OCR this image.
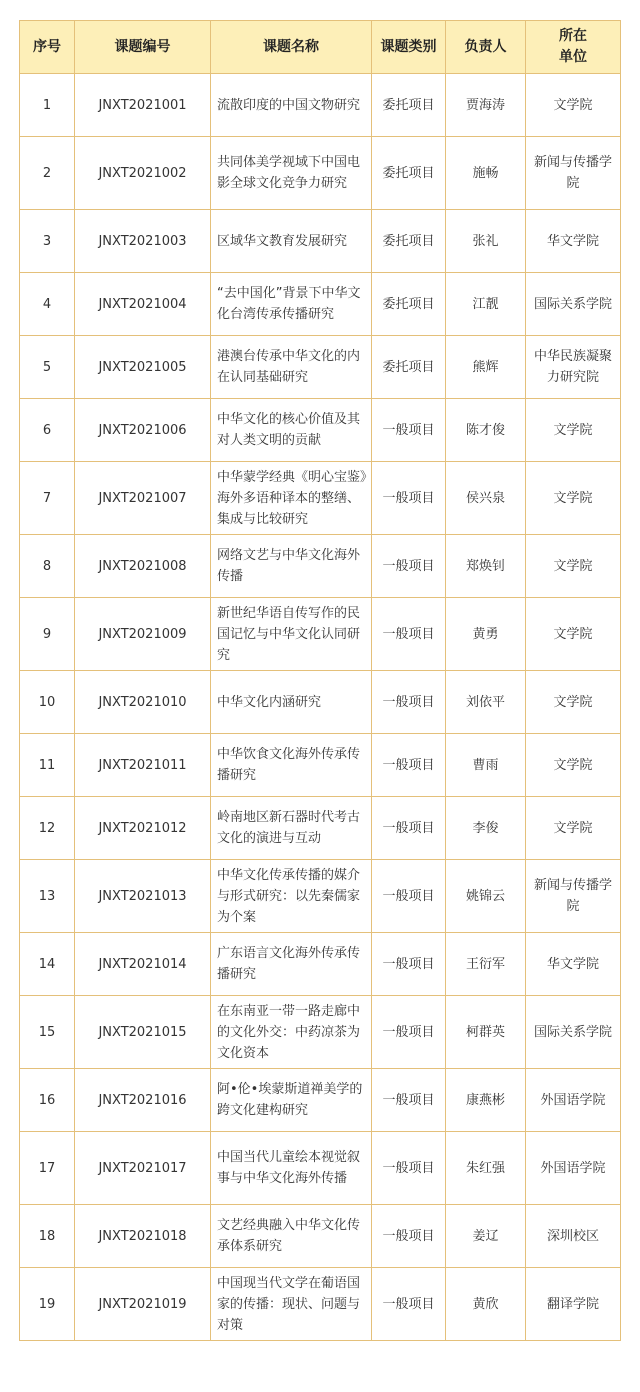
序号	课题编号	课题名称	课题类别	负责人	所在
单位
1	JNXT2021001	流散印度的中国文物研究	委托项目	贾海涛	文学院
2	JNXT2021002	共同体美学视域下中国电影全球文化竞争力研究	委托项目	施畅	新闻与传播学院
3	JNXT2021003	区域华文教育发展研究	委托项目	张礼	华文学院
4	JNXT2021004	“去中国化”背景下中华文化台湾传承传播研究	委托项目	江靓	国际关系学院
5	JNXT2021005	港澳台传承中华文化的内在认同基础研究	委托项目	熊辉	中华民族凝聚力研究院
6	JNXT2021006	中华文化的核心价值及其对人类文明的贡献	一般项目	陈才俊	文学院
7	JNXT2021007	中华蒙学经典《明心宝鉴》海外多语种译本的整缮、集成与比较研究	一般项目	侯兴泉	文学院
8	JNXT2021008	网络文艺与中华文化海外传播	一般项目	郑焕钊	文学院
9	JNXT2021009	新世纪华语自传写作的民国记忆与中华文化认同研究	一般项目	黄勇	文学院
10	JNXT2021010	中华文化内涵研究	一般项目	刘依平	文学院
11	JNXT2021011	中华饮食文化海外传承传播研究	一般项目	曹雨	文学院
12	JNXT2021012	岭南地区新石器时代考古文化的演进与互动	一般项目	李俊	文学院
13	JNXT2021013	中华文化传承传播的媒介与形式研究：以先秦儒家为个案	一般项目	姚锦云	新闻与传播学院
14	JNXT2021014	广东语言文化海外传承传播研究	一般项目	王衍军	华文学院
15	JNXT2021015	在东南亚一带一路走廊中的文化外交：中药凉茶为文化资本	一般项目	柯群英	国际关系学院
16	JNXT2021016	阿•伦•埃蒙斯道禅美学的跨文化建构研究	一般项目	康燕彬	外国语学院
17	JNXT2021017	中国当代儿童绘本视觉叙事与中华文化海外传播	一般项目	朱红强	外国语学院
18	JNXT2021018	文艺经典融入中华文化传承体系研究	一般项目	姜辽	深圳校区
19	JNXT2021019	中国现当代文学在葡语国家的传播：现状、问题与对策	一般项目	黄欣	翻译学院
